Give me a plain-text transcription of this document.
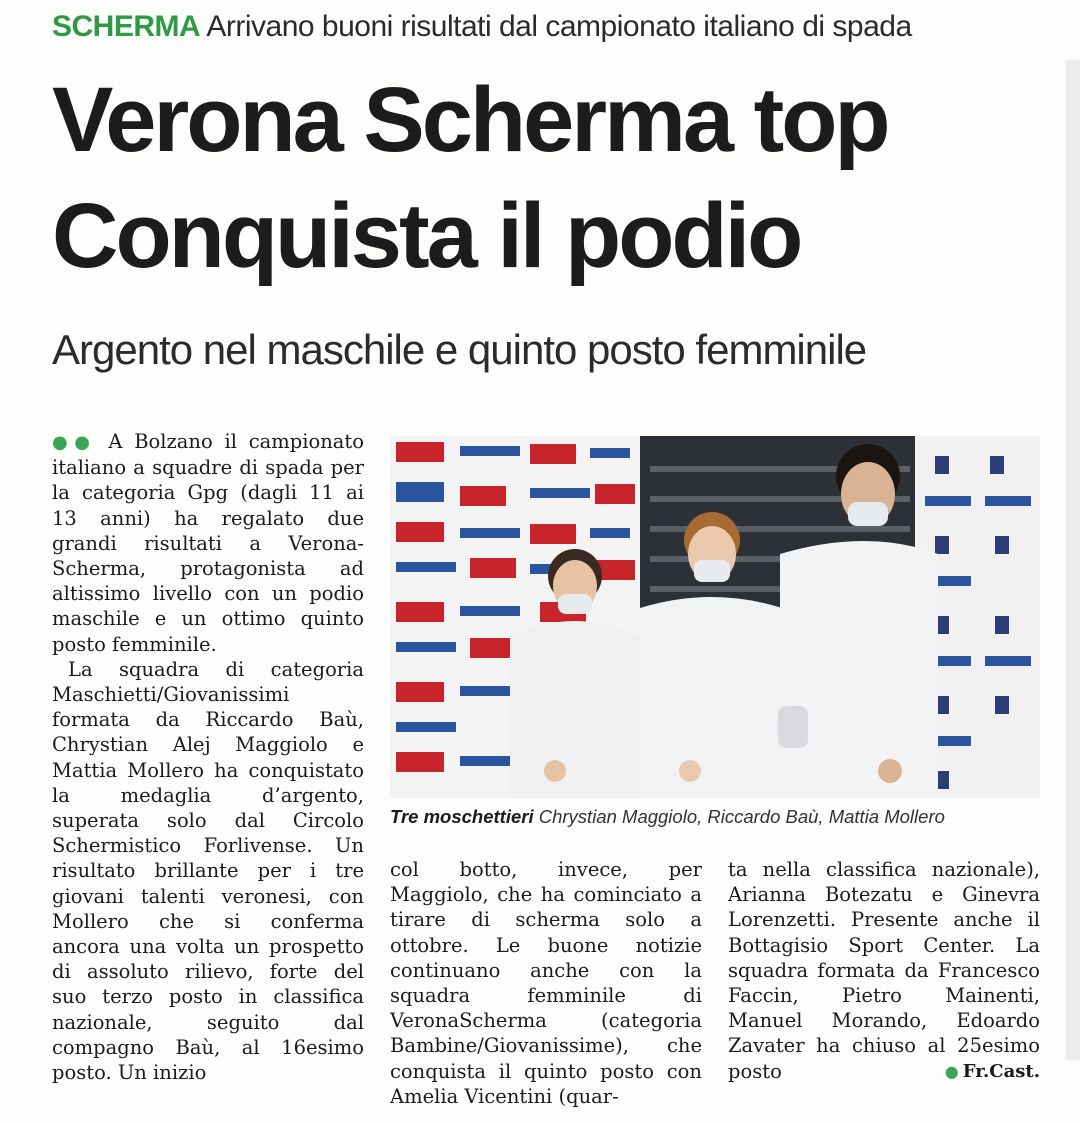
SCHERMA Arrivano buoni risultati dal campionato italiano di spada
Verona Scherma top
Conquista il podio
Argento nel maschile e quinto posto femminile

●● A Bolzano il campionato italiano a squadre di spada per la categoria Gpg (dagli 11 ai 13 anni) ha regalato due grandi risultati a Verona-Scherma, protagonista ad altissimo livello con un podio maschile e un ottimo quinto posto femminile.

La squadra di categoria Maschietti/Giovanissimi formata da Riccardo Baù, Chrystian Alej Maggiolo e Mattia Mollero ha conquistato la medaglia d’argento, superata solo dal Circolo Schermistico Forlivense. Un risultato brillante per i tre giovani talenti veronesi, con Mollero che si conferma ancora una volta un prospetto di assoluto rilievo, forte del suo terzo posto in classifica nazionale, seguito dal compagno Baù, al 16esimo posto. Un inizio

Tre moschettieri Chrystian Maggiolo, Riccardo Baù, Mattia Mollero

col botto, invece, per Maggiolo, che ha cominciato a tirare di scherma solo a ottobre. Le buone notizie continuano anche con la squadra femminile di VeronaScherma (categoria Bambine/Giovanissime), che conquista il quinto posto con Amelia Vicentini (quar-

ta nella classifica nazionale), Arianna Botezatu e Ginevra Lorenzetti. Presente anche il Bottagisio Sport Center. La squadra formata da Francesco Faccin, Pietro Mainenti, Manuel Morando, Edoardo Zavater ha chiuso al 25esimo posto	● Fr.Cast.
